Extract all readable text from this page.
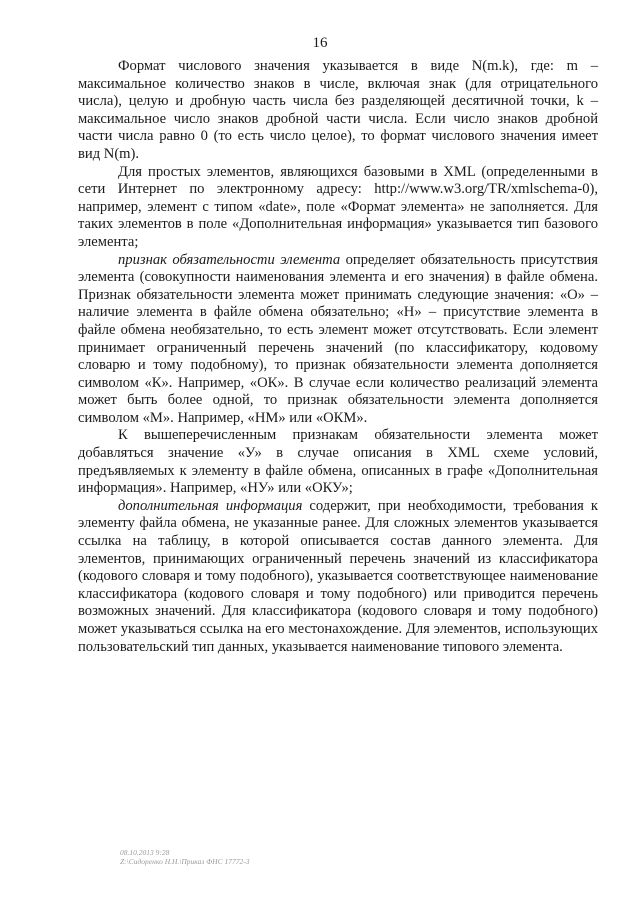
16

Формат числового значения указывается в виде N(m.k), где: m – максимальное количество знаков в числе, включая знак (для отрицательного числа), целую и дробную часть числа без разделяющей десятичной точки, k – максимальное число знаков дробной части числа. Если число знаков дробной части числа равно 0 (то есть число целое), то формат числового значения имеет вид N(m).

Для простых элементов, являющихся базовыми в XML (определенными в сети Интернет по электронному адресу: http://www.w3.org/TR/xmlschema-0), например, элемент с типом «date», поле «Формат элемента» не заполняется. Для таких элементов в поле «Дополнительная информация» указывается тип базового элемента;

признак обязательности элемента определяет обязательность присутствия элемента (совокупности наименования элемента и его значения) в файле обмена. Признак обязательности элемента может принимать следующие значения: «О» – наличие элемента в файле обмена обязательно; «Н» – присутствие элемента в файле обмена необязательно, то есть элемент может отсутствовать. Если элемент принимает ограниченный перечень значений (по классификатору, кодовому словарю и тому подобному), то признак обязательности элемента дополняется символом «К». Например, «ОК». В случае если количество реализаций элемента может быть более одной, то признак обязательности элемента дополняется символом «М». Например, «НМ» или «ОКМ».

К вышеперечисленным признакам обязательности элемента может добавляться значение «У» в случае описания в XML схеме условий, предъявляемых к элементу в файле обмена, описанных в графе «Дополнительная информация». Например, «НУ» или «ОКУ»;

дополнительная информация содержит, при необходимости, требования к элементу файла обмена, не указанные ранее. Для сложных элементов указывается ссылка на таблицу, в которой описывается состав данного элемента. Для элементов, принимающих ограниченный перечень значений из классификатора (кодового словаря и тому подобного), указывается соответствующее наименование классификатора (кодового словаря и тому подобного) или приводится перечень возможных значений. Для классификатора (кодового словаря и тому подобного) может указываться ссылка на его местонахождение. Для элементов, использующих пользовательский тип данных, указывается наименование типового элемента.

08.10.2013 9:28
Z:\Сидоренко Н.Н.\Приказ ФНС 17772-3
